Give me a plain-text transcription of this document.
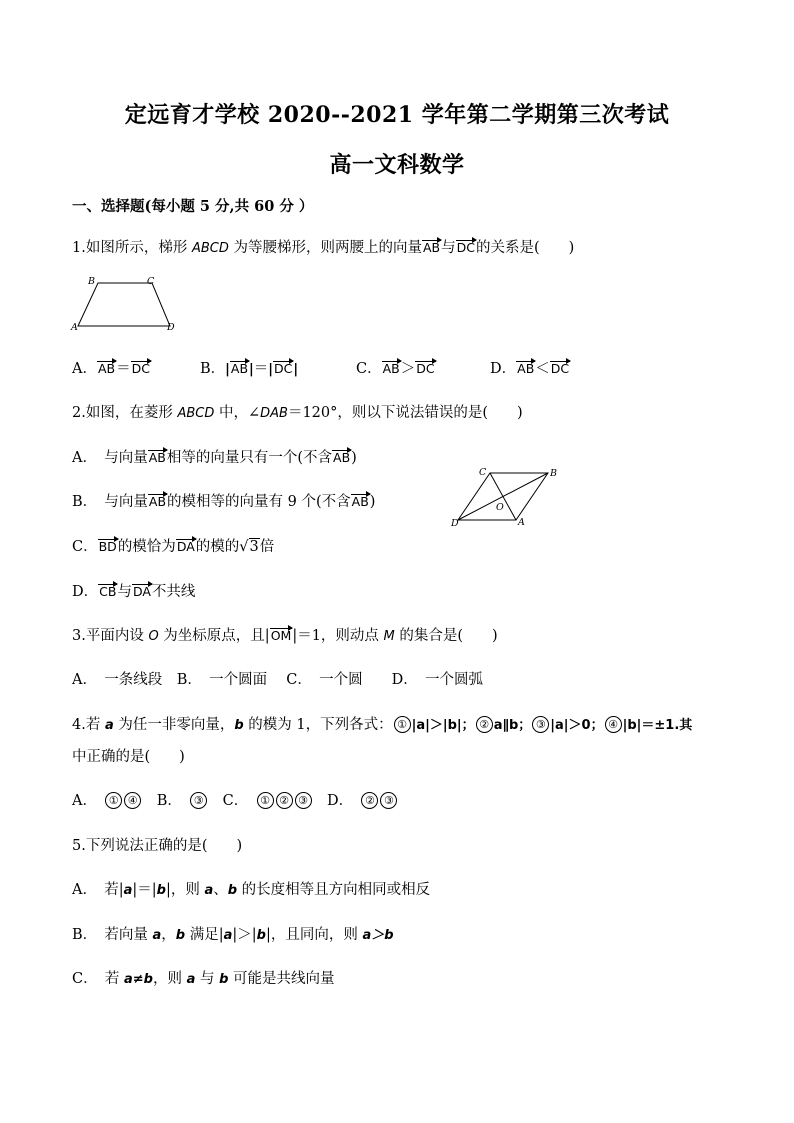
定远育才学校 2020--2021 学年第二学期第三次考试
高一文科数学
一、选择题(每小题 5 分,共 60 分 ）
1.如图所示，梯形 ABCD 为等腰梯形，则两腰上的向量AB与DC的关系是(　　)
B	C
A	D
A．AB＝DC	B．|AB|＝|DC|	C．AB＞DC	D．AB＜DC
2.如图，在菱形 ABCD 中，∠DAB＝120°，则以下说法错误的是(　　)
A．　与向量AB相等的向量只有一个(不含AB)
B．　与向量AB的模相等的向量有 9 个(不含AB)
C．BD的模恰为DA的模的√3倍
D．CB与DA不共线
C	B
O
D	A
3.平面内设 O 为坐标原点，且|OM|＝1，则动点 M 的集合是(　　)
A．　一条线段　B．　一个圆面　 C．　一个圆　　D．　一个圆弧
4.若 a 为任一非零向量，b 的模为 1，下列各式： ① |a|＞|b|； ② a∥b； ③ |a|＞0； ④ |b|＝±1.其
中正确的是(　　)
A．　① ④　B．　③　C．　① ② ③　D．　② ③
5.下列说法正确的是(　　)
A．　若|a|＝|b|，则 a、b 的长度相等且方向相同或相反
B．　若向量 a，b 满足|a|＞|b|，且同向，则 a＞b
C．　若 a≠b，则 a 与 b 可能是共线向量
